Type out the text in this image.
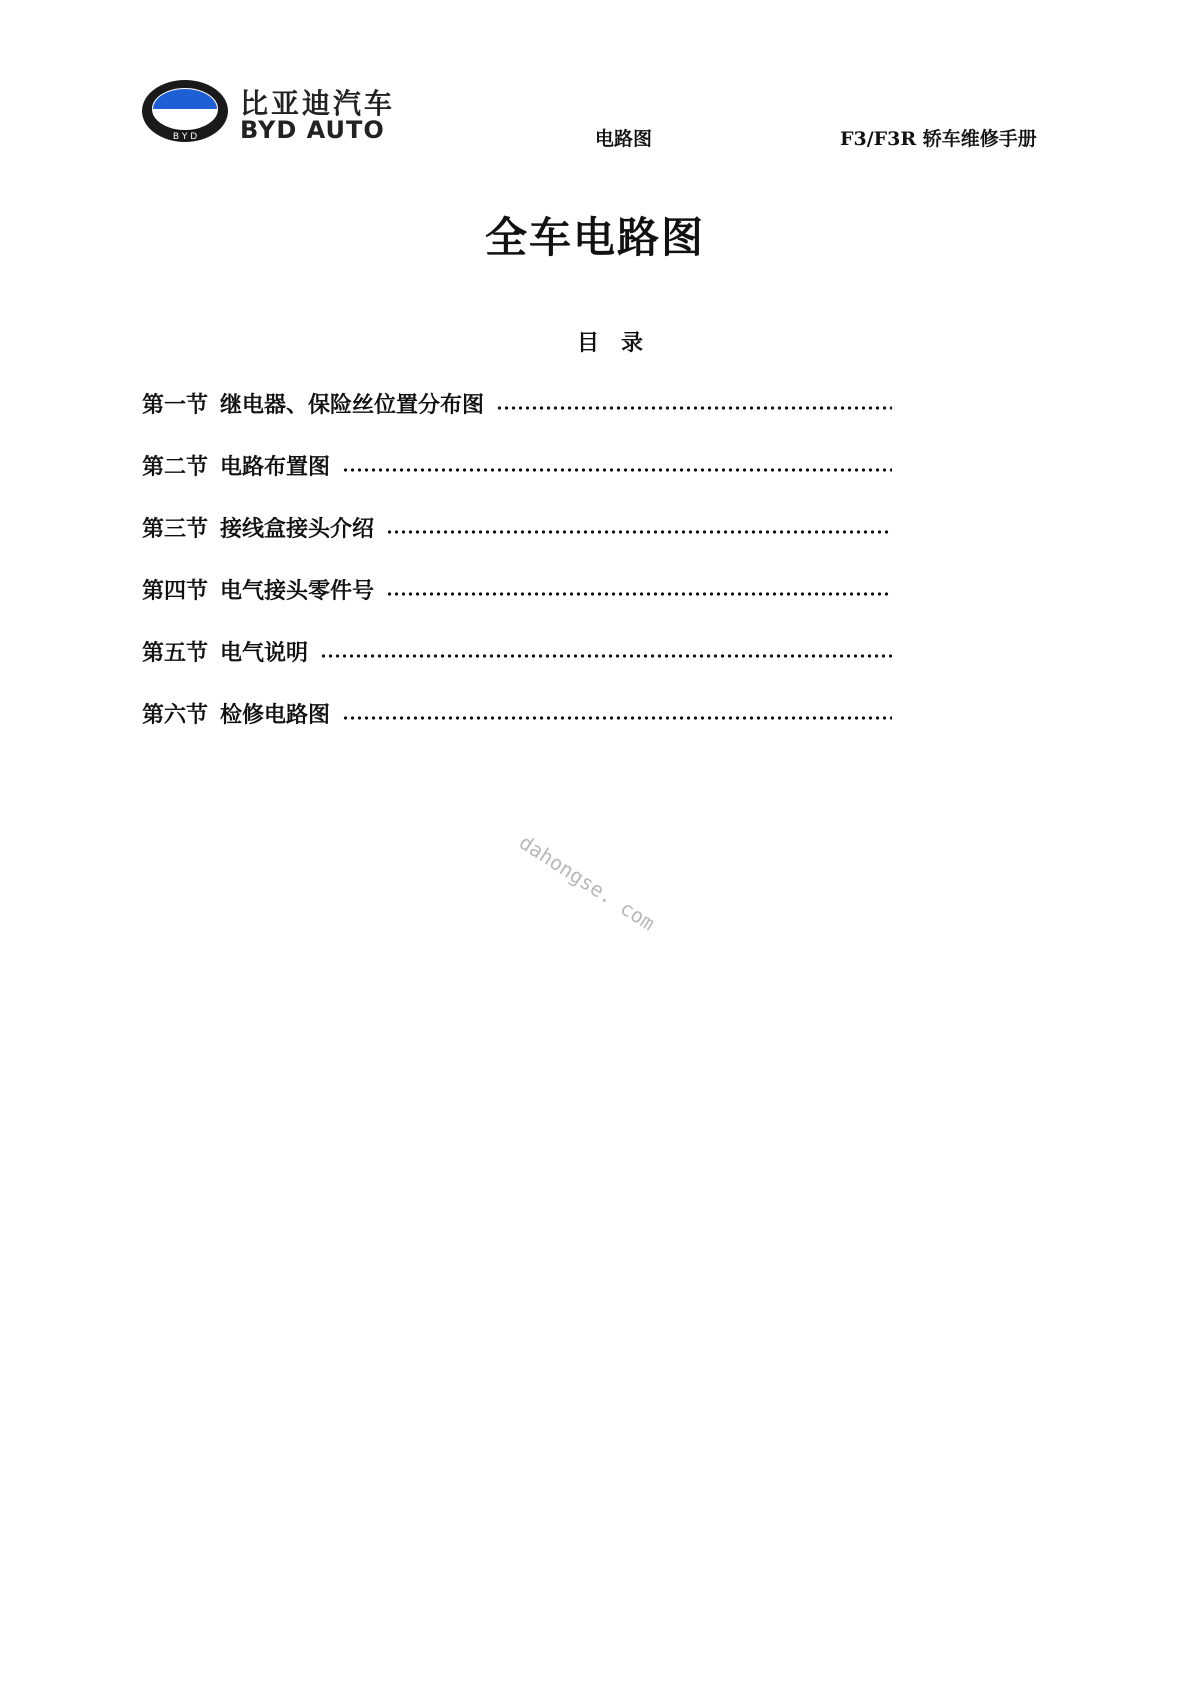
B Y D
比亚迪汽车
BYD AUTO	电路图	F3/F3R 轿车维修手册
全车电路图
目　录
第一节 继电器、保险丝位置分布图
第二节 电路布置图
第三节 接线盒接头介绍
第四节 电气接头零件号
第五节 电气说明
第六节 检修电路图
dahongse. com
